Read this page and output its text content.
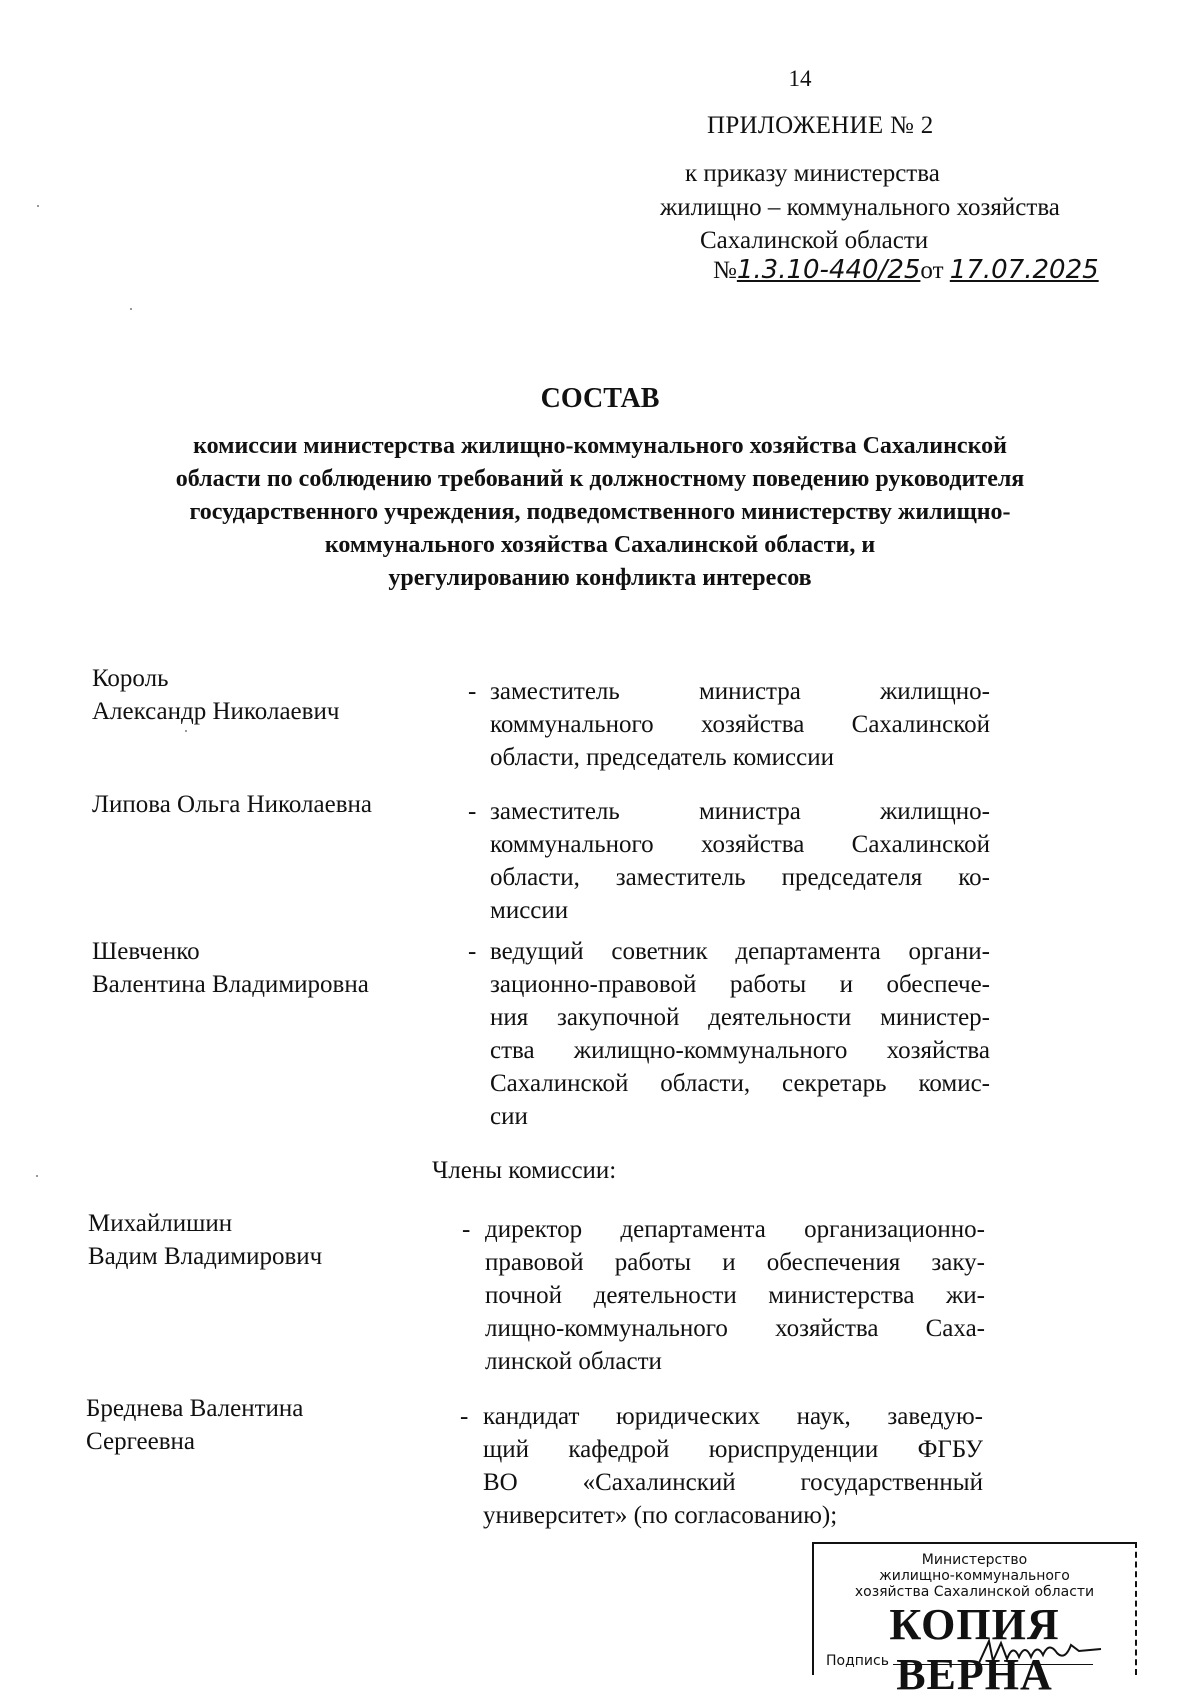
14
ПРИЛОЖЕНИЕ № 2
к приказу министерства
жилищно – коммунального хозяйства
Сахалинской области
№1.3.10-440/25от 17.07.2025
СОСТАВ
комиссии министерства жилищно-коммунального хозяйства Сахалинской
области по соблюдению требований к должностному поведению руководителя
государственного учреждения, подведомственного министерству жилищно-
коммунального хозяйства Сахалинской области, и
урегулированию конфликта интересов
Король
Александр Николаевич
- заместитель министра жилищно-
коммунального хозяйства Сахалинской
области, председатель комиссии
Липова Ольга Николаевна	- заместитель министра жилищно-
коммунального хозяйства Сахалинской
области, заместитель председателя ко-
миссии
Шевченко
Валентина Владимировна
- ведущий советник департамента органи-
зационно-правовой работы и обеспече-
ния закупочной деятельности министер-
ства жилищно-коммунального хозяйства
Сахалинской области, секретарь комис-
сии
Члены комиссии:
Михайлишин
Вадим Владимирович
- директор департамента организационно-
правовой работы и обеспечения заку-
почной деятельности министерства жи-
лищно-коммунального хозяйства Саха-
линской области
Бреднева Валентина
Сергеевна
- кандидат юридических наук, заведую-
щий кафедрой юриспруденции ФГБУ
ВО «Сахалинский государственный
университет» (по согласованию);
Министерство
жилищно-коммунального
хозяйства Сахалинской области
КОПИЯ ВЕРНА
Подпись
